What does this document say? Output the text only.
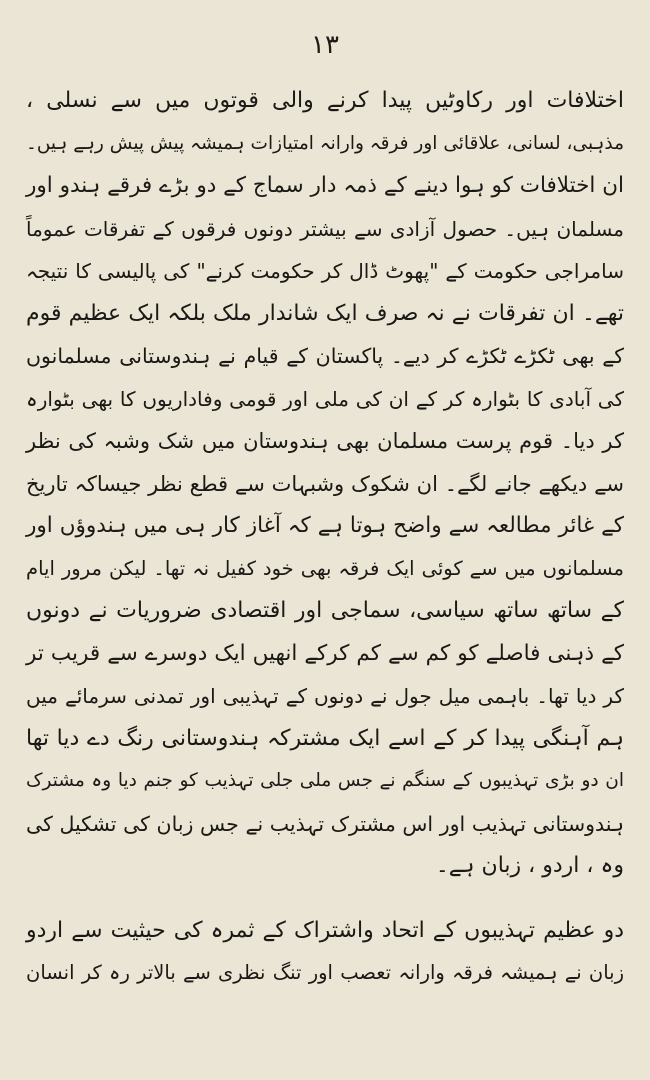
۱۳
اختلافات اور رکاوٹیں پیدا کرنے والی قوتوں میں سے نسلی ،
مذہبی، لسانی، علاقائی اور فرقہ وارانہ امتیازات ہمیشہ پیش پیش رہے ہیں۔
ان اختلافات کو ہوا دینے کے ذمہ دار سماج کے دو بڑے فرقے ہندو اور
مسلمان ہیں۔ حصول آزادی سے بیشتر دونوں فرقوں کے تفرقات عموماً
سامراجی حکومت کے "پھوٹ ڈال کر حکومت کرنے" کی پالیسی کا نتیجہ
تھے۔ ان تفرقات نے نہ صرف ایک شاندار ملک بلکہ ایک عظیم قوم
کے بھی ٹکڑے ٹکڑے کر دیے۔ پاکستان کے قیام نے ہندوستانی مسلمانوں
کی آبادی کا بٹوارہ کر کے ان کی ملی اور قومی وفاداریوں کا بھی بٹوارہ
کر دیا۔ قوم پرست مسلمان بھی ہندوستان میں شک وشبہ کی نظر
سے دیکھے جانے لگے۔ ان شکوک وشبہات سے قطع نظر جیساکہ تاریخ
کے غائر مطالعہ سے واضح ہوتا ہے کہ آغاز کار ہی میں ہندوؤں اور
مسلمانوں میں سے کوئی ایک فرقہ بھی خود کفیل نہ تھا۔ لیکن مرور ایام
کے ساتھ ساتھ سیاسی، سماجی اور اقتصادی ضروریات نے دونوں
کے ذہنی فاصلے کو کم سے کم کرکے انھیں ایک دوسرے سے قریب تر
کر دیا تھا۔ باہمی میل جول نے دونوں کے تہذیبی اور تمدنی سرمائے میں
ہم آہنگی پیدا کر کے اسے ایک مشترکہ ہندوستانی رنگ دے دیا تھا
ان دو بڑی تہذیبوں کے سنگم نے جس ملی جلی تہذیب کو جنم دیا وہ مشترک
ہندوستانی تہذیب اور اس مشترک تہذیب نے جس زبان کی تشکیل کی
وہ ، اردو ، زبان ہے۔
دو عظیم تہذیبوں کے اتحاد واشتراک کے ثمرہ کی حیثیت سے اردو
زبان نے ہمیشہ فرقہ وارانہ تعصب اور تنگ نظری سے بالاتر رہ کر انسان
